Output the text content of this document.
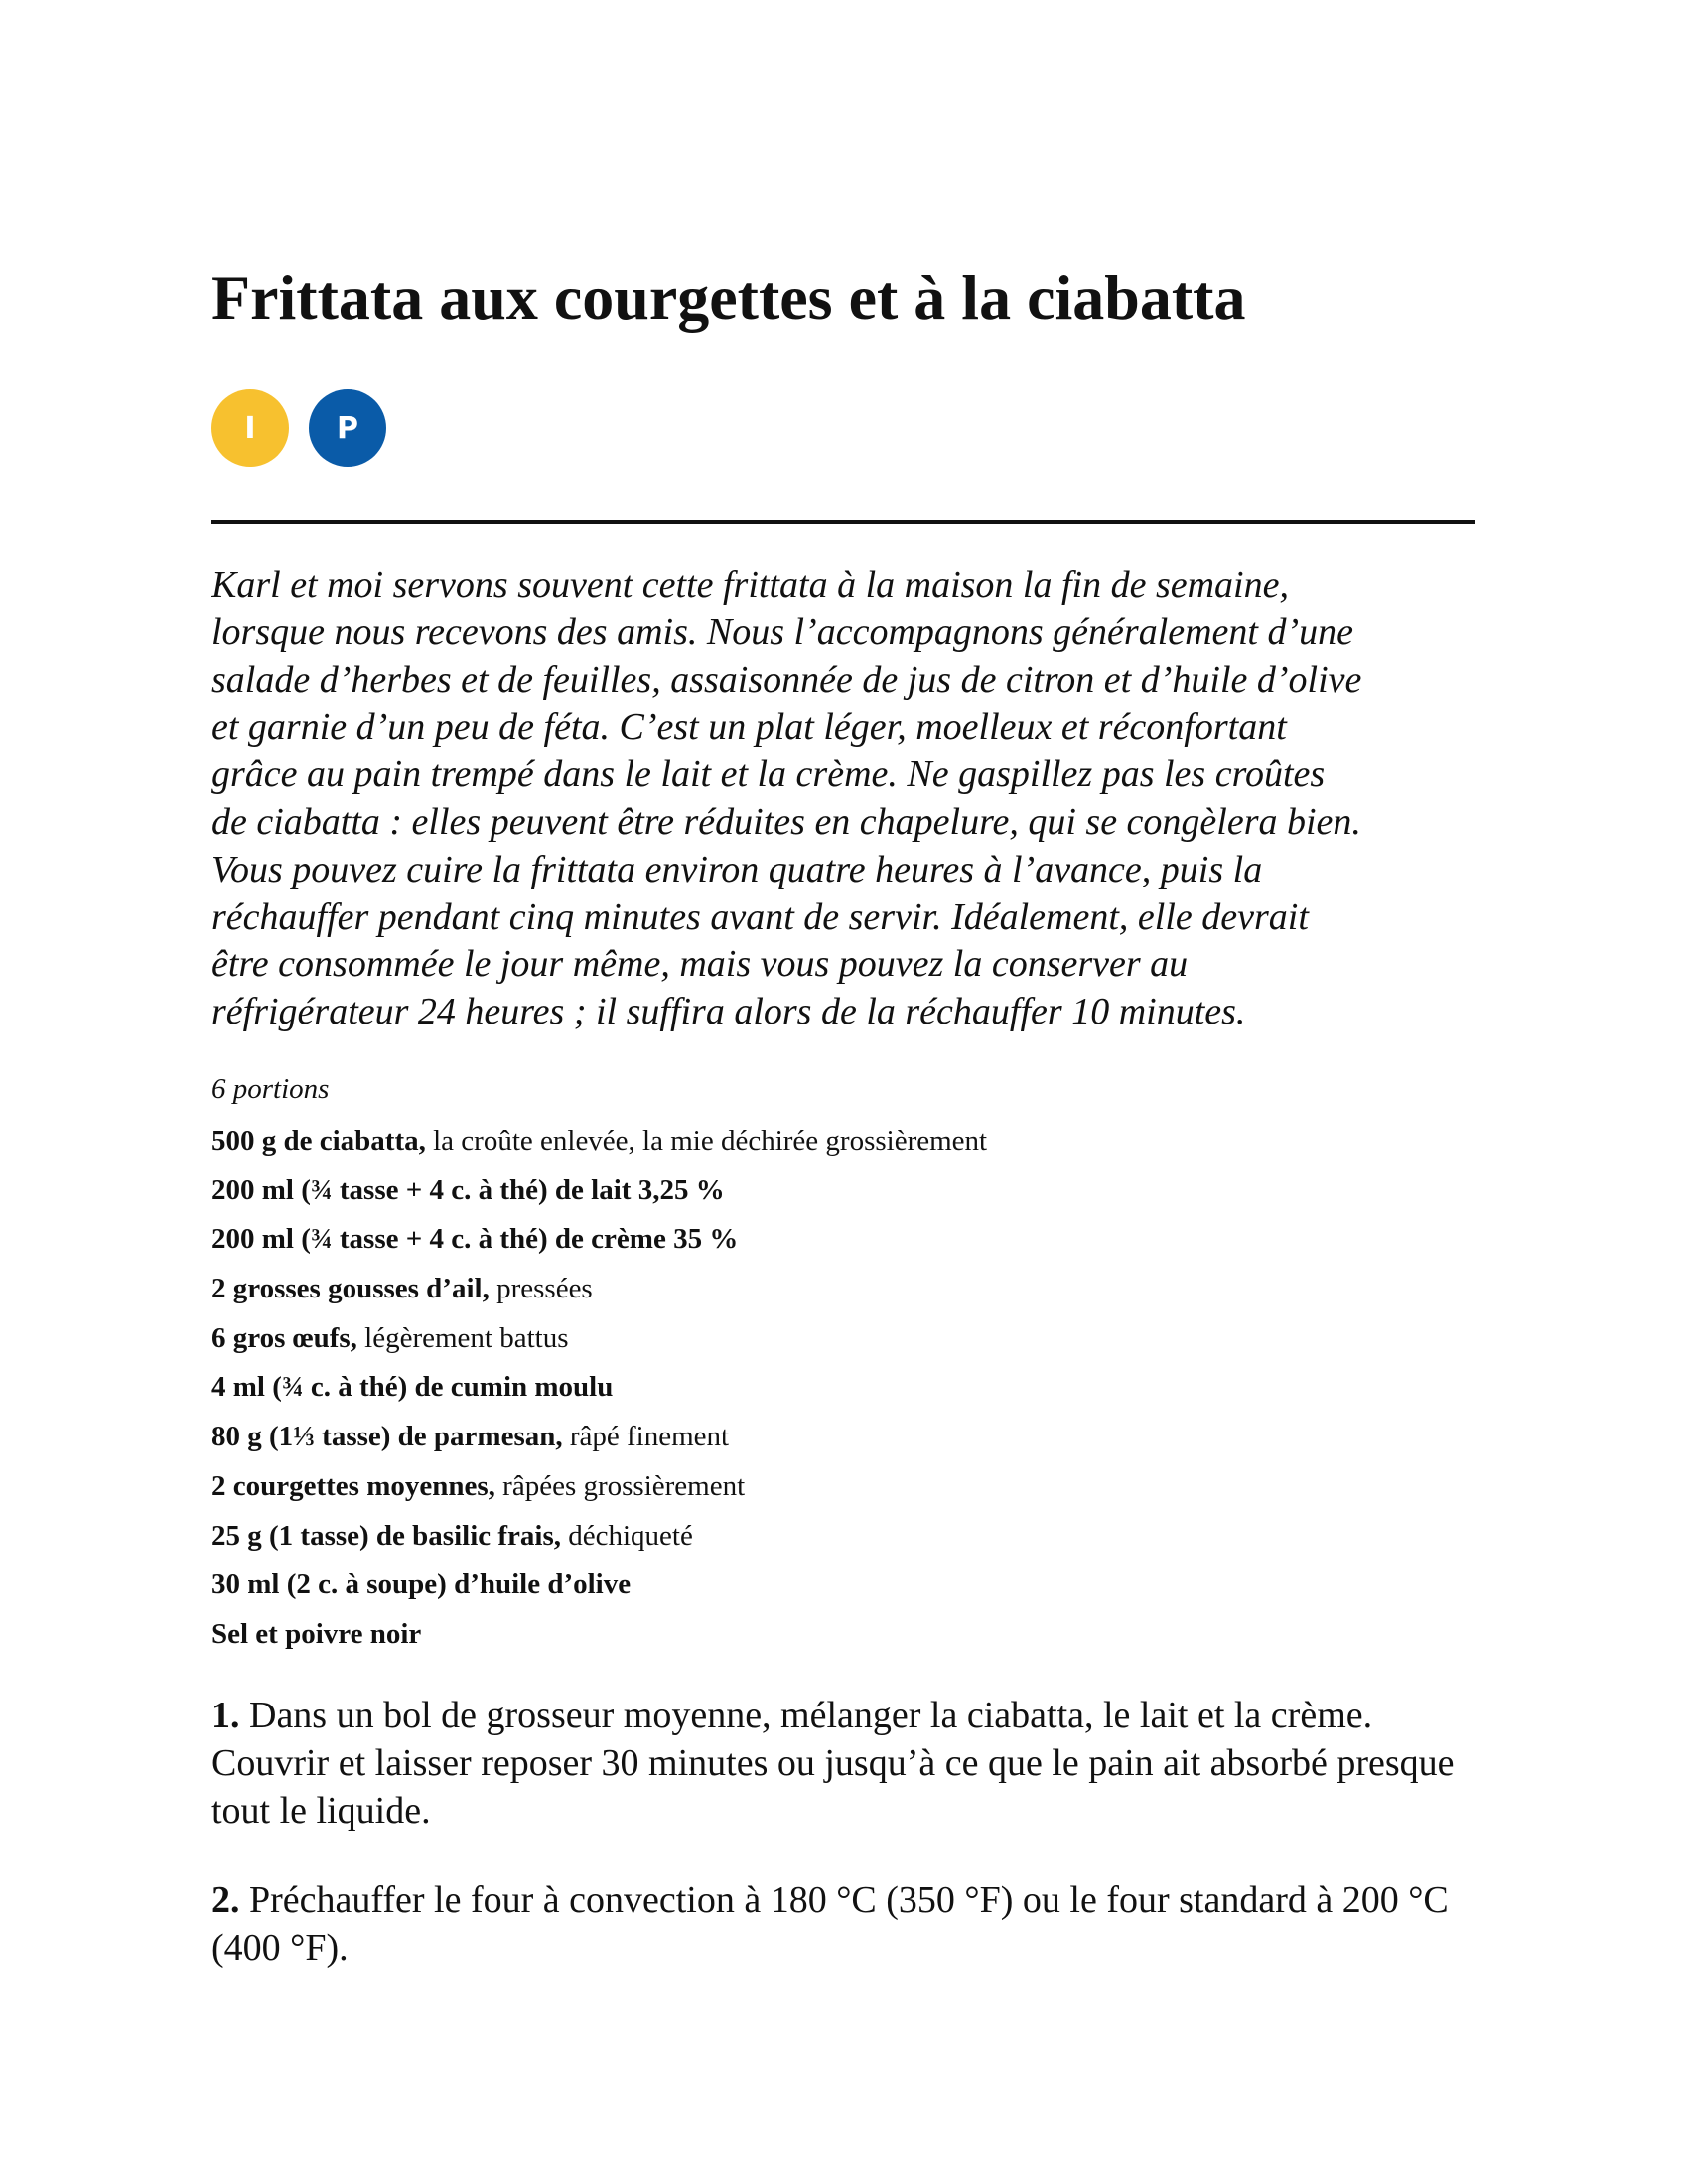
Frittata aux courgettes et à la ciabatta
I	P

Karl et moi servons souvent cette frittata à la maison la fin de semaine,

lorsque nous recevons des amis. Nous l’accompagnons généralement d’une

salade d’herbes et de feuilles, assaisonnée de jus de citron et d’huile d’olive

et garnie d’un peu de féta. C’est un plat léger, moelleux et réconfortant

grâce au pain trempé dans le lait et la crème. Ne gaspillez pas les croûtes

de ciabatta : elles peuvent être réduites en chapelure, qui se congèlera bien.

Vous pouvez cuire la frittata environ quatre heures à l’avance, puis la

réchauffer pendant cinq minutes avant de servir. Idéalement, elle devrait

être consommée le jour même, mais vous pouvez la conserver au

réfrigérateur 24 heures ; il suffira alors de la réchauffer 10 minutes.

6 portions

500 g de ciabatta, la croûte enlevée, la mie déchirée grossièrement
200 ml (¾ tasse + 4 c. à thé) de lait 3,25 %
200 ml (¾ tasse + 4 c. à thé) de crème 35 %
2 grosses gousses d’ail, pressées
6 gros œufs, légèrement battus
4 ml (¾ c. à thé) de cumin moulu
80 g (1⅓ tasse) de parmesan, râpé finement
2 courgettes moyennes, râpées grossièrement
25 g (1 tasse) de basilic frais, déchiqueté
30 ml (2 c. à soupe) d’huile d’olive
Sel et poivre noir

1. Dans un bol de grosseur moyenne, mélanger la ciabatta, le lait et la crème. Couvrir et laisser reposer 30 minutes ou jusqu’à ce que le pain ait absorbé presque tout le liquide.

2. Préchauffer le four à convection à 180 °C (350 °F) ou le four standard à 200 °C (400 °F).
